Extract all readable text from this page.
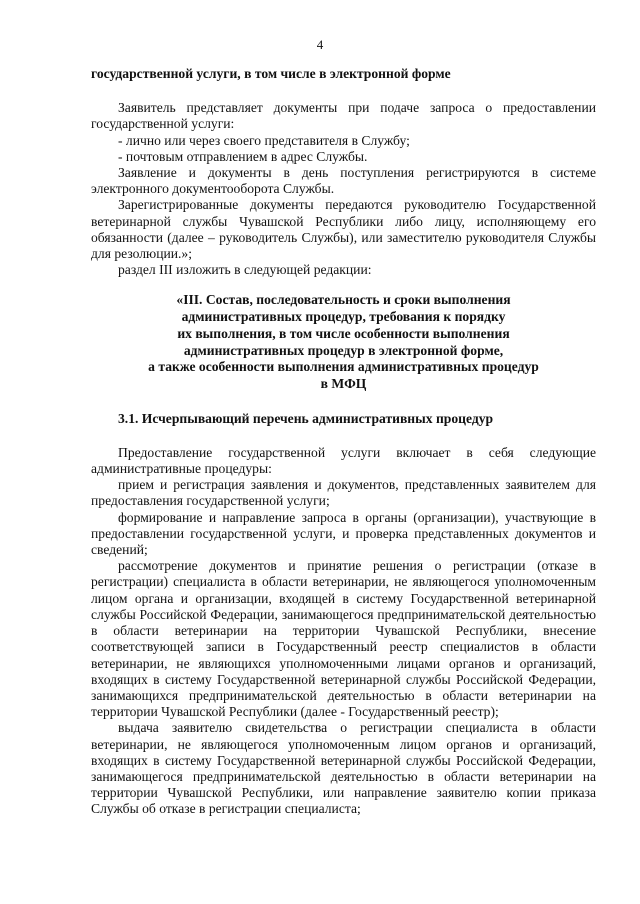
4

государственной услуги, в том числе в электронной форме

Заявитель представляет документы при подаче запроса о предоставлении государственной услуги:

- лично или через своего представителя в Службу;

- почтовым отправлением в адрес Службы.

Заявление и документы в день поступления регистрируются в системе электронного документооборота Службы.

Зарегистрированные документы передаются руководителю Государственной ветеринарной службы Чувашской Республики либо лицу, исполняющему его обязанности (далее – руководитель Службы), или заместителю руководителя Службы для резолюции.»;

раздел III изложить в следующей редакции:

«III. Состав, последовательность и сроки выполнения
административных процедур, требования к порядку
их выполнения, в том числе особенности выполнения
административных процедур в электронной форме,
а также особенности выполнения административных процедур
в МФЦ

3.1. Исчерпывающий перечень административных процедур

Предоставление государственной услуги включает в себя следующие административные процедуры:

прием и регистрация заявления и документов, представленных заявителем для предоставления государственной услуги;

формирование и направление запроса в органы (организации), участвующие в предоставлении государственной услуги, и проверка представленных документов и сведений;

рассмотрение документов и принятие решения о регистрации (отказе в регистрации) специалиста в области ветеринарии, не являющегося уполномоченным лицом органа и организации, входящей в систему Государственной ветеринарной службы Российской Федерации, занимающегося предпринимательской деятельностью в области ветеринарии на территории Чувашской Республики, внесение соответствующей записи в Государственный реестр специалистов в области ветеринарии, не являющихся уполномоченными лицами органов и организаций, входящих в систему Государственной ветеринарной службы Российской Федерации, занимающихся предпринимательской деятельностью в области ветеринарии на территории Чувашской Республики (далее - Государственный реестр);

выдача заявителю свидетельства о регистрации специалиста в области ветеринарии, не являющегося уполномоченным лицом органов и организаций, входящих в систему Государственной ветеринарной службы Российской Федерации, занимающегося предпринимательской деятельностью в области ветеринарии на территории Чувашской Республики, или направление заявителю копии приказа Службы об отказе в регистрации специалиста;
